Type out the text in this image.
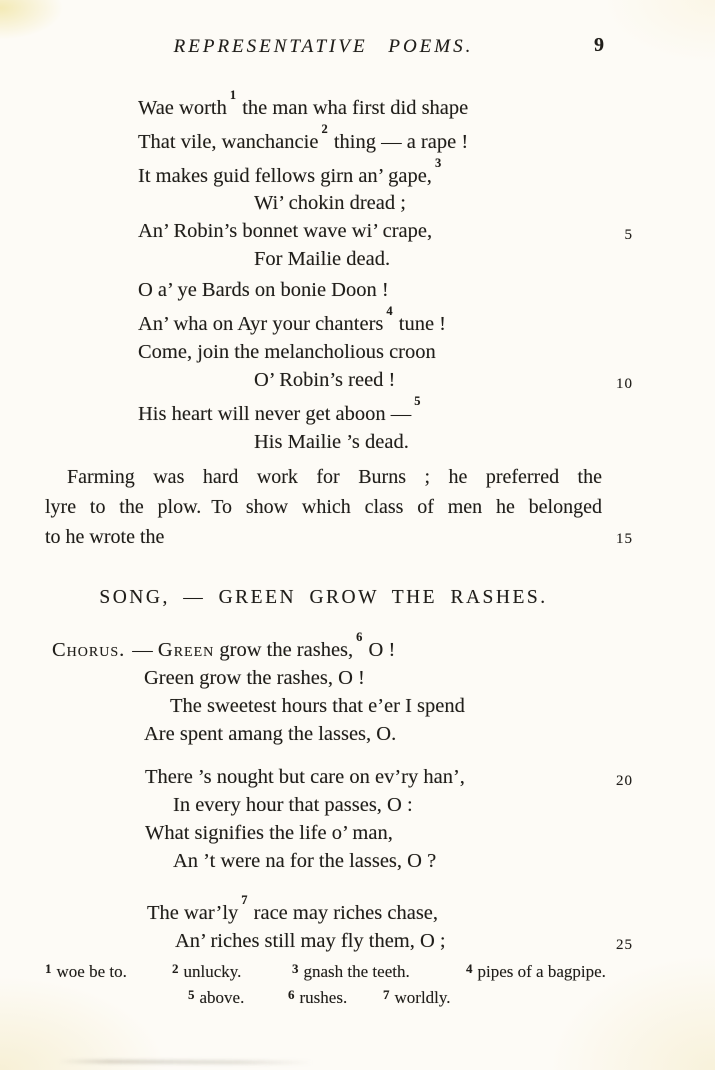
REPRESENTATIVE POEMS.	9
Wae worth$^1$ the man wha first did shape
That vile, wanchancie$^2$ thing — a rape !
It makes guid fellows girn an’ gape,$^3$
Wi’ chokin dread ;
An’ Robin’s bonnet wave wi’ crape,	5
For Mailie dead.
O a’ ye Bards on bonie Doon !
An’ wha on Ayr your chanters$^4$ tune !
Come, join the melancholious croon
O’ Robin’s reed !	10
His heart will never get aboon —$^5$
His Mailie ’s dead.
Farming was hard work for Burns ; he preferred the
lyre to the plow. To show which class of men he belonged
to he wrote the	15
SONG, — GREEN GROW THE RASHES.
Chorus. — Green grow the rashes,$^6$ O !
Green grow the rashes, O !
The sweetest hours that e’er I spend
Are spent amang the lasses, O.
There ’s nought but care on ev’ry han’,	20
In every hour that passes, O :
What signifies the life o’ man,
An ’t were na for the lasses, O ?
The war’ly$^7$ race may riches chase,
An’ riches still may fly them, O ;	25
$^1$ woe be to.	$^2$ unlucky.	$^3$ gnash the teeth.	$^4$ pipes of a bagpipe.
$^5$ above.	$^6$ rushes.	$^7$ worldly.
